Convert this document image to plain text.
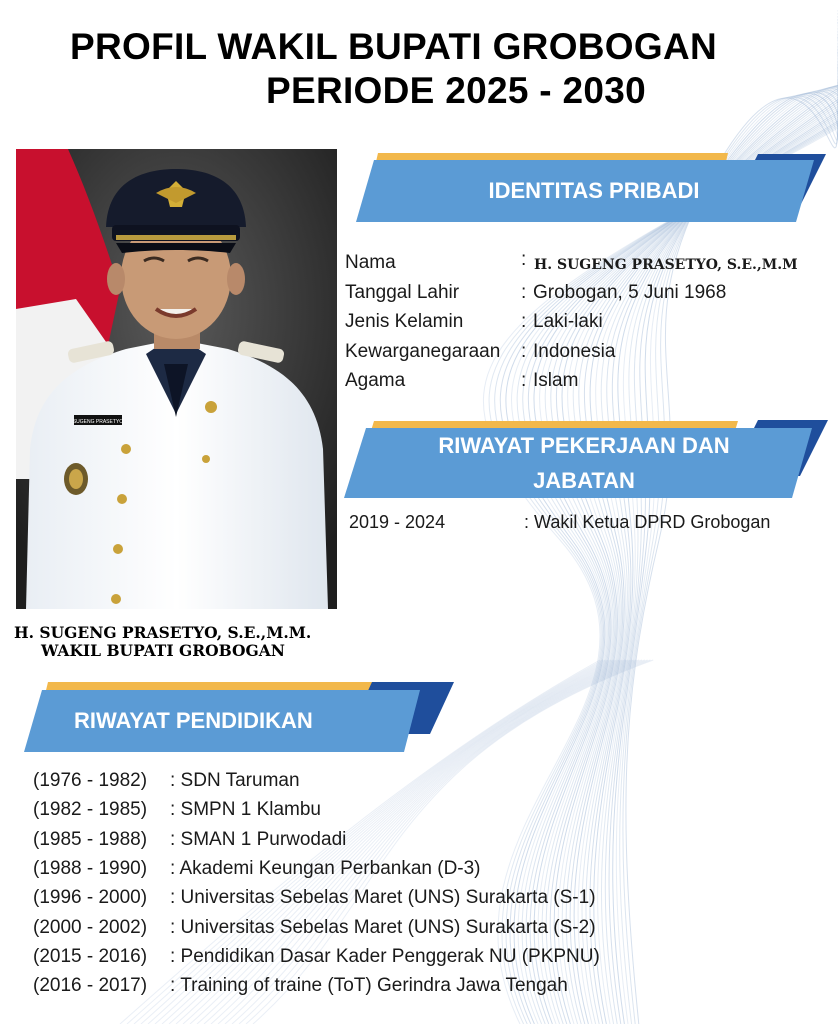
PROFIL WAKIL BUPATI GROBOGAN
PERIODE 2025 - 2030
SUGENG PRASETYO
H. SUGENG PRASETYO, S.E.,M.M.
WAKIL BUPATI GROBOGAN
IDENTITAS PRIBADI
Nama	: H. SUGENG PRASETYO, S.E.,M.M
Tanggal Lahir	: Grobogan, 5 Juni 1968
Jenis Kelamin	: Laki-laki
Kewarganegaraan : Indonesia
Agama	: Islam
RIWAYAT PEKERJAAN DAN
JABATAN
2019 - 2024	: Wakil Ketua DPRD Grobogan
RIWAYAT PENDIDIKAN
(1976 - 1982) : SDN Taruman
(1982 - 1985) : SMPN 1 Klambu
(1985 - 1988) : SMAN 1 Purwodadi
(1988 - 1990) : Akademi Keungan Perbankan (D-3)
(1996 - 2000) : Universitas Sebelas Maret (UNS) Surakarta (S-1)
(2000 - 2002) : Universitas Sebelas Maret (UNS) Surakarta (S-2)
(2015 - 2016) : Pendidikan Dasar Kader Penggerak NU (PKPNU)
(2016 - 2017) : Training of traine (ToT) Gerindra Jawa Tengah
